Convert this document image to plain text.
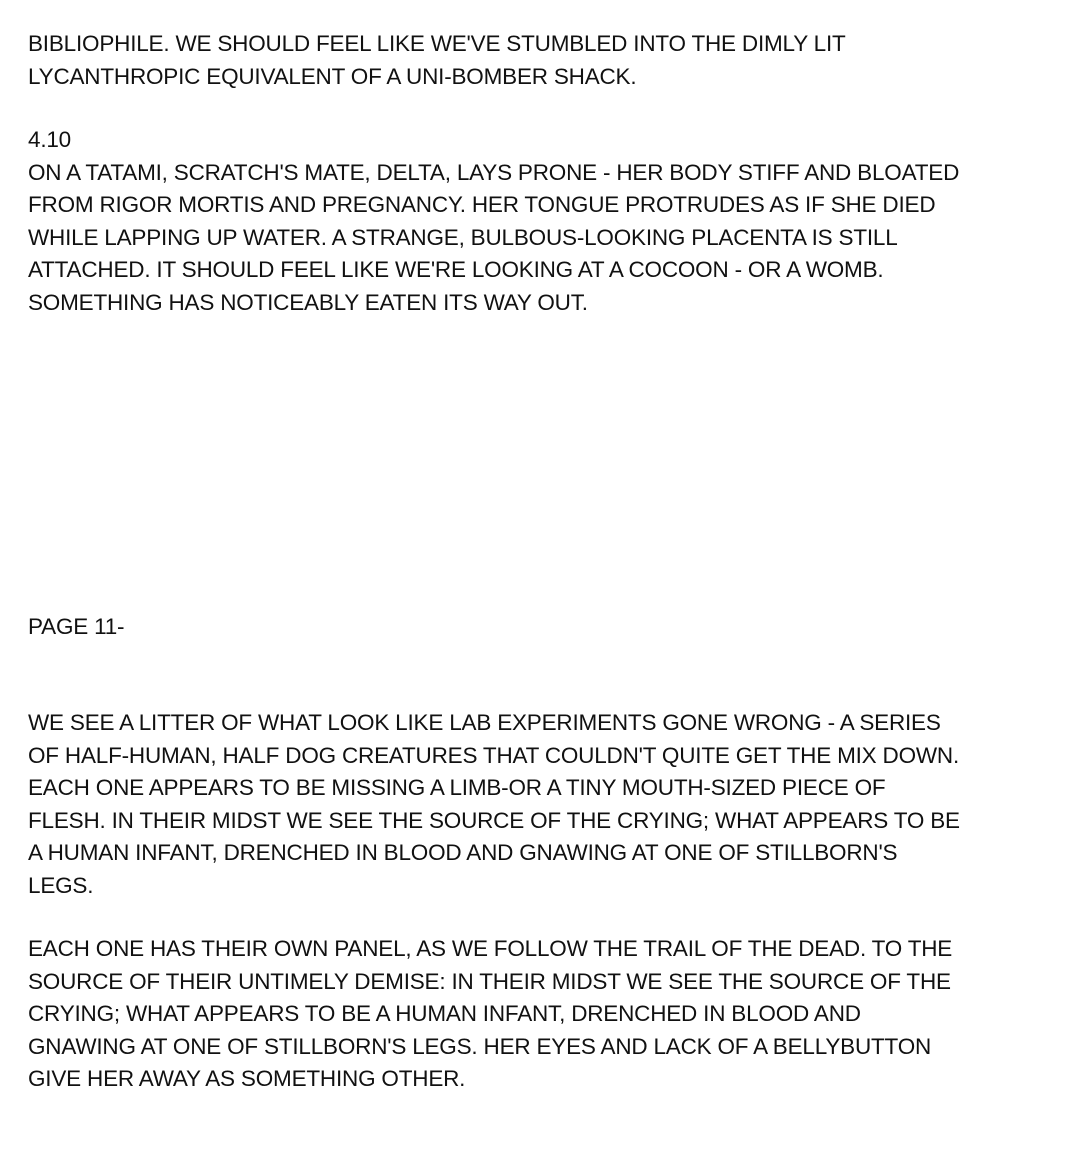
BIBLIOPHILE. WE SHOULD FEEL LIKE WE'VE STUMBLED INTO THE DIMLY LIT
LYCANTHROPIC EQUIVALENT OF A UNI-BOMBER SHACK.
4.10
ON A TATAMI, SCRATCH'S MATE, DELTA, LAYS PRONE - HER BODY STIFF AND BLOATED
FROM RIGOR MORTIS AND PREGNANCY. HER TONGUE PROTRUDES AS IF SHE DIED
WHILE LAPPING UP WATER. A STRANGE, BULBOUS-LOOKING PLACENTA IS STILL
ATTACHED. IT SHOULD FEEL LIKE WE'RE LOOKING AT A COCOON - OR A WOMB.
SOMETHING HAS NOTICEABLY EATEN ITS WAY OUT.
PAGE 11-
WE SEE A LITTER OF WHAT LOOK LIKE LAB EXPERIMENTS GONE WRONG - A SERIES
OF HALF-HUMAN, HALF DOG CREATURES THAT COULDN'T QUITE GET THE MIX DOWN.
EACH ONE APPEARS TO BE MISSING A LIMB-OR A TINY MOUTH-SIZED PIECE OF
FLESH. IN THEIR MIDST WE SEE THE SOURCE OF THE CRYING; WHAT APPEARS TO BE
A HUMAN INFANT, DRENCHED IN BLOOD AND GNAWING AT ONE OF STILLBORN'S
LEGS.
EACH ONE HAS THEIR OWN PANEL, AS WE FOLLOW THE TRAIL OF THE DEAD. TO THE
SOURCE OF THEIR UNTIMELY DEMISE: IN THEIR MIDST WE SEE THE SOURCE OF THE
CRYING; WHAT APPEARS TO BE A HUMAN INFANT, DRENCHED IN BLOOD AND
GNAWING AT ONE OF STILLBORN'S LEGS. HER EYES AND LACK OF A BELLYBUTTON
GIVE HER AWAY AS SOMETHING OTHER.
